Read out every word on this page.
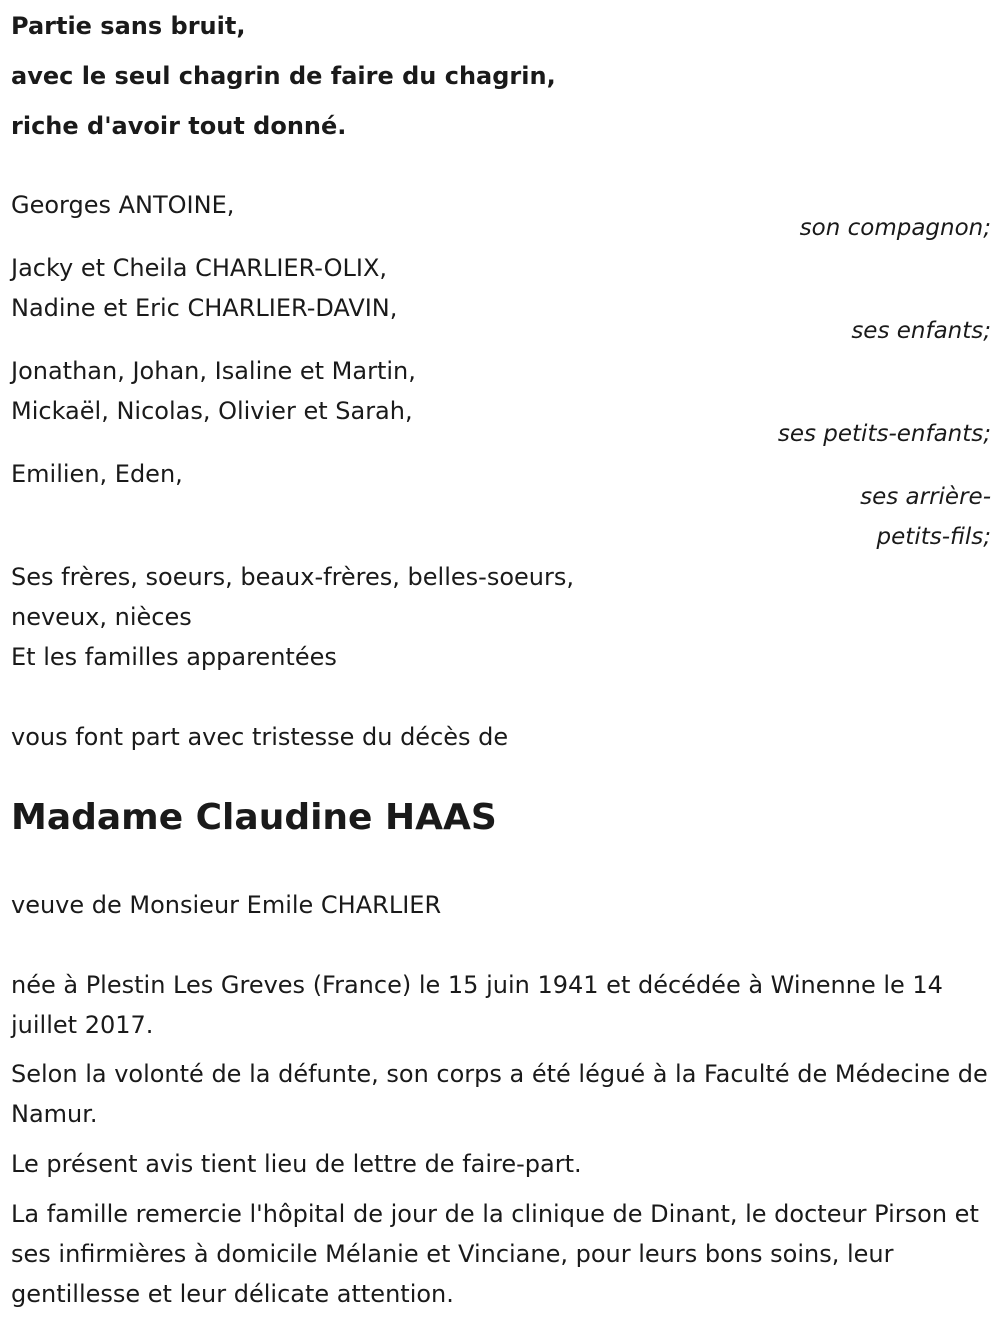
Partie sans bruit,
avec le seul chagrin de faire du chagrin,
riche d'avoir tout donné.
Georges ANTOINE,
son compagnon;
Jacky et Cheila CHARLIER-OLIX,
Nadine et Eric CHARLIER-DAVIN,
ses enfants;
Jonathan, Johan, Isaline et Martin,
Mickaël, Nicolas, Olivier et Sarah,
ses petits-enfants;
Emilien, Eden,
ses arrière-
petits-fils;
Ses frères, soeurs, beaux-frères, belles-soeurs,
neveux, nièces
Et les familles apparentées
vous font part avec tristesse du décès de
Madame Claudine HAAS
veuve de Monsieur Emile CHARLIER
née à Plestin Les Greves (France) le 15 juin 1941 et décédée à Winenne le 14 juillet 2017.
Selon la volonté de la défunte, son corps a été légué à la Faculté de Médecine de Namur.
Le présent avis tient lieu de lettre de faire-part.
La famille remercie l'hôpital de jour de la clinique de Dinant, le docteur Pirson et ses infirmières à domicile Mélanie et Vinciane, pour leurs bons soins, leur gentillesse et leur délicate attention.
